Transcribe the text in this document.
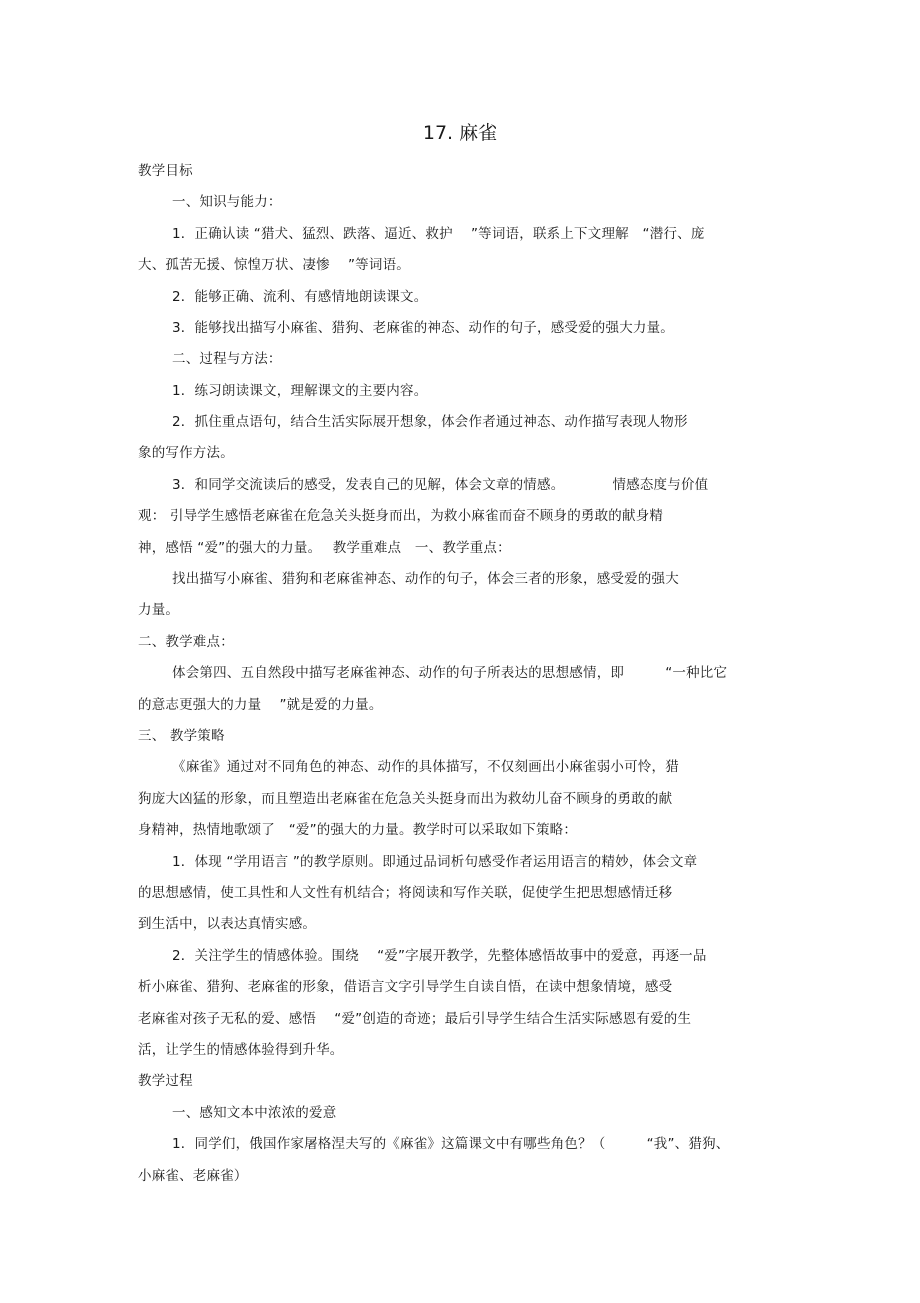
17. 麻雀
教学目标
一、知识与能力：
1．正确认读 “猎犬、猛烈、跌落、逼近、救护　 ”等词语，联系上下文理解　“潜行、庞
大、孤苦无援、惊惶万状、凄惨　 ”等词语。
2．能够正确、流利、有感情地朗读课文。
3．能够找出描写小麻雀、猎狗、老麻雀的神态、动作的句子，感受爱的强大力量。
二、过程与方法：
1．练习朗读课文，理解课文的主要内容。
2．抓住重点语句，结合生活实际展开想象，体会作者通过神态、动作描写表现人物形
象的写作方法。
3．和同学交流读后的感受，发表自己的见解，体会文章的情感。　　　　情感态度与价值
观： 引导学生感悟老麻雀在危急关头挺身而出，为救小麻雀而奋不顾身的勇敢的献身精
神，感悟 “爱”的强大的力量。　 教学重难点　一、教学重点：
找出描写小麻雀、猎狗和老麻雀神态、动作的句子，体会三者的形象，感受爱的强大
力量。
二、教学难点：
体会第四、五自然段中描写老麻雀神态、动作的句子所表达的思想感情，即　　　“一种比它
的意志更强大的力量　 ”就是爱的力量。
三、 教学策略
《麻雀》通过对不同角色的神态、动作的具体描写，不仅刻画出小麻雀弱小可怜，猎
狗庞大凶猛的形象，而且塑造出老麻雀在危急关头挺身而出为救幼儿奋不顾身的勇敢的献
身精神，热情地歌颂了　“爱”的强大的力量。教学时可以采取如下策略：
1．体现 “学用语言 ”的教学原则。即通过品词析句感受作者运用语言的精妙，体会文章
的思想感情，使工具性和人文性有机结合；将阅读和写作关联，促使学生把思想感情迁移
到生活中，以表达真情实感。
2．关注学生的情感体验。围绕　 “爱”字展开教学，先整体感悟故事中的爱意，再逐一品
析小麻雀、猎狗、老麻雀的形象，借语言文字引导学生自读自悟，在读中想象情境，感受
老麻雀对孩子无私的爱、感悟　 “爱”创造的奇迹；最后引导学生结合生活实际感恩有爱的生
活，让学生的情感体验得到升华。
教学过程
一、感知文本中浓浓的爱意
1．同学们，俄国作家屠格涅夫写的《麻雀》这篇课文中有哪些角色？（　　　“我”、猎狗、
小麻雀、老麻雀）
